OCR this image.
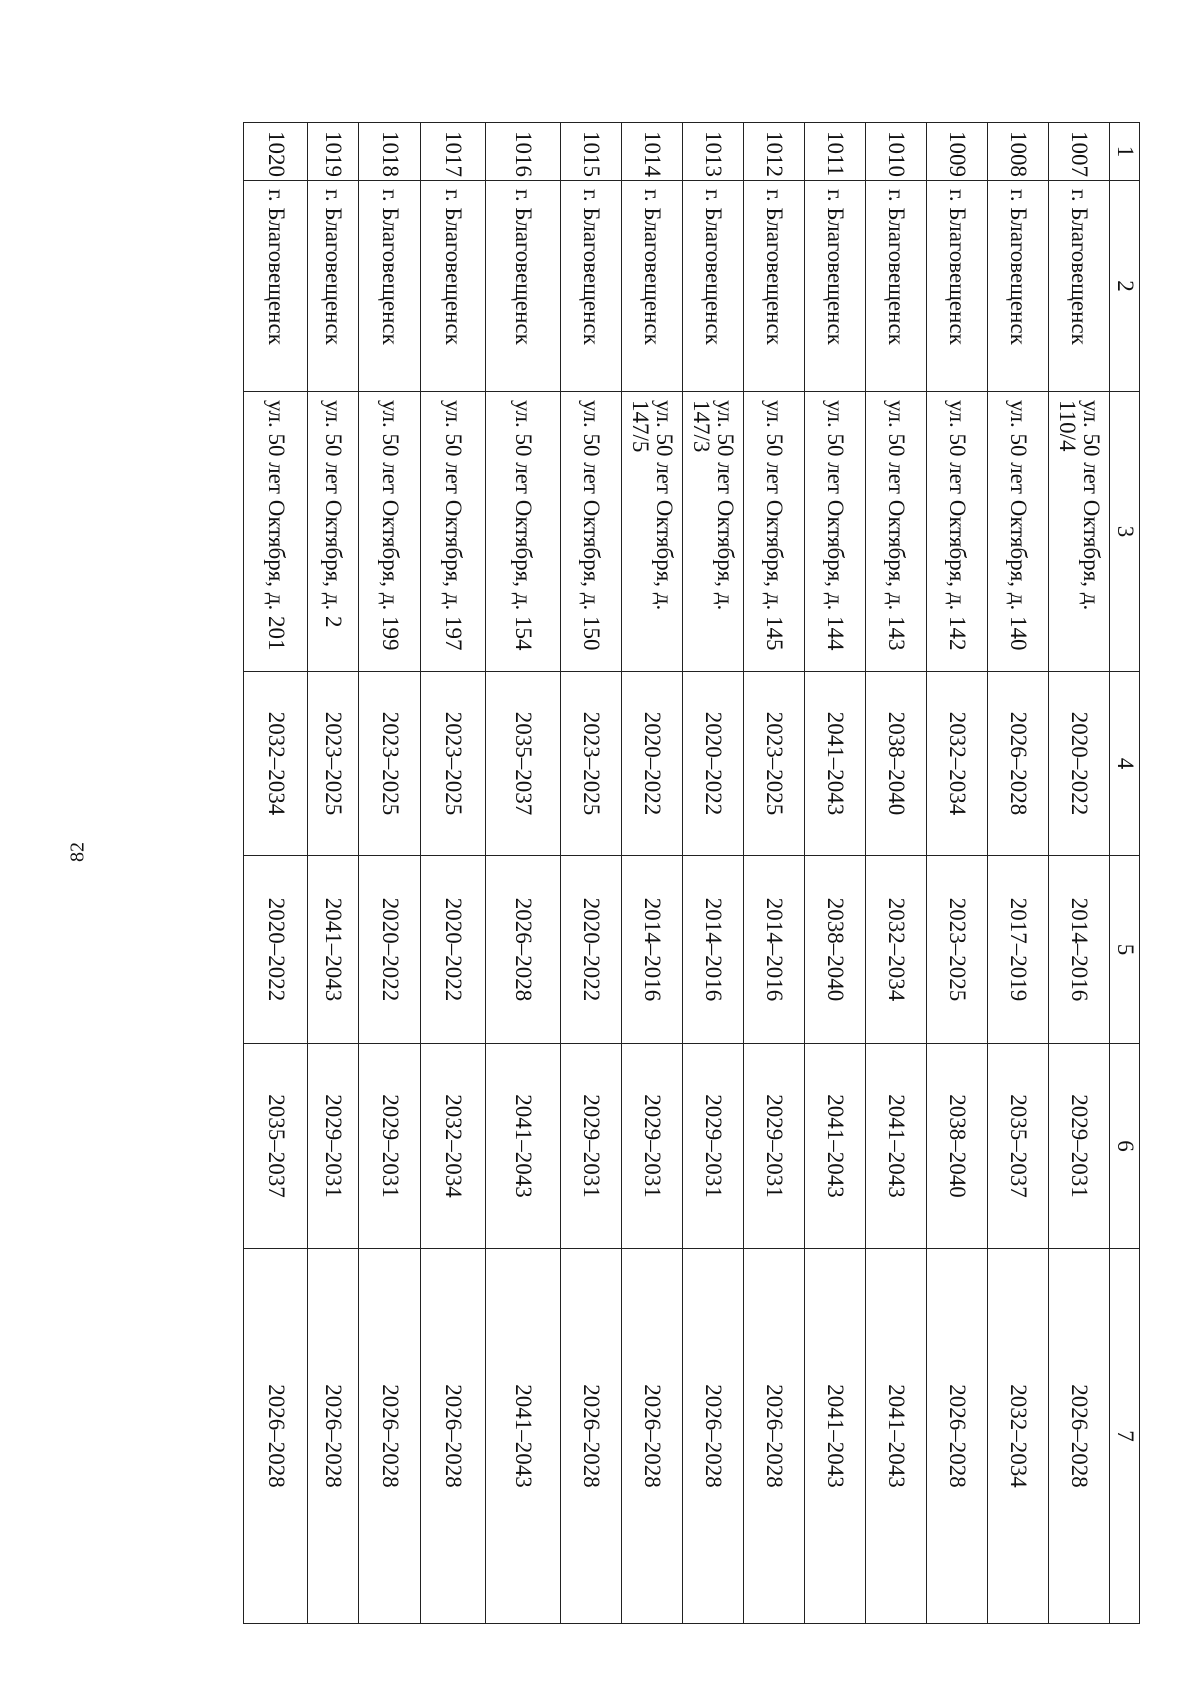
82
1	2	3	4	5	6	7
1007	г. Благовещенск	ул. 50 лет Октября, д. 110/4	2020–2022	2014–2016	2029–2031	2026–2028
1008	г. Благовещенск	ул. 50 лет Октября, д. 140	2026–2028	2017–2019	2035–2037	2032–2034
1009	г. Благовещенск	ул. 50 лет Октября, д. 142	2032–2034	2023–2025	2038–2040	2026–2028
1010	г. Благовещенск	ул. 50 лет Октября, д. 143	2038–2040	2032–2034	2041–2043	2041–2043
1011	г. Благовещенск	ул. 50 лет Октября, д. 144	2041–2043	2038–2040	2041–2043	2041–2043
1012	г. Благовещенск	ул. 50 лет Октября, д. 145	2023–2025	2014–2016	2029–2031	2026–2028
1013	г. Благовещенск	ул. 50 лет Октября, д. 147/3	2020–2022	2014–2016	2029–2031	2026–2028
1014	г. Благовещенск	ул. 50 лет Октября, д. 147/5	2020–2022	2014–2016	2029–2031	2026–2028
1015	г. Благовещенск	ул. 50 лет Октября, д. 150	2023–2025	2020–2022	2029–2031	2026–2028
1016	г. Благовещенск	ул. 50 лет Октября, д. 154	2035–2037	2026–2028	2041–2043	2041–2043
1017	г. Благовещенск	ул. 50 лет Октября, д. 197	2023–2025	2020–2022	2032–2034	2026–2028
1018	г. Благовещенск	ул. 50 лет Октября, д. 199	2023–2025	2020–2022	2029–2031	2026–2028
1019	г. Благовещенск	ул. 50 лет Октября, д. 2	2023–2025	2041–2043	2029–2031	2026–2028
1020	г. Благовещенск	ул. 50 лет Октября, д. 201	2032–2034	2020–2022	2035–2037	2026–2028
